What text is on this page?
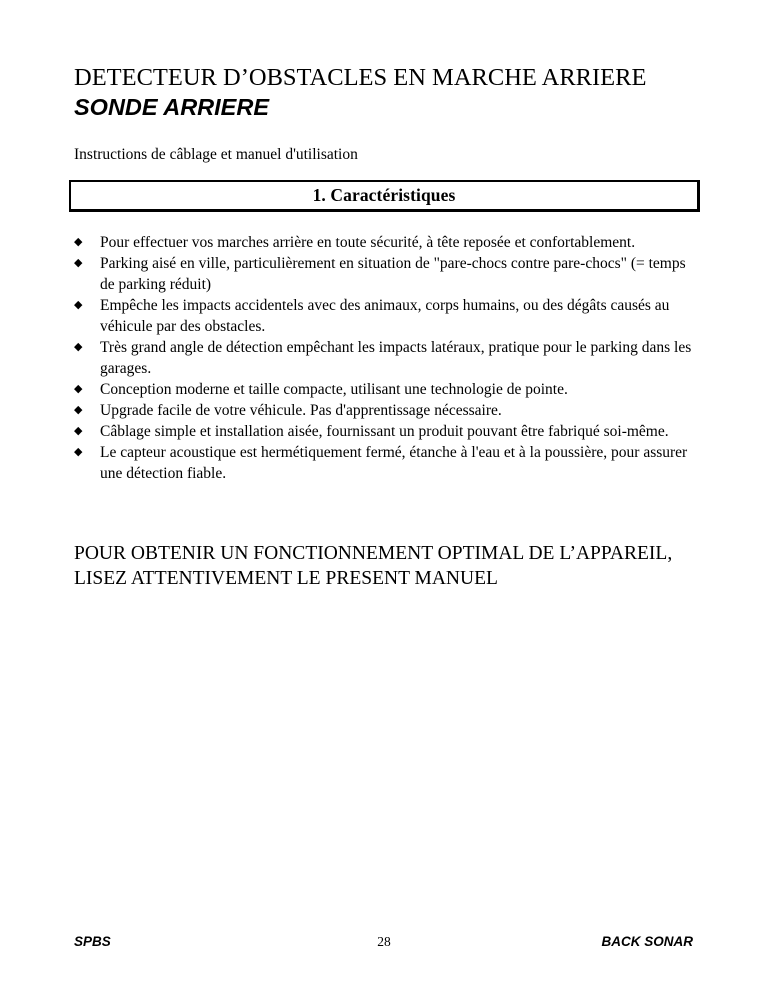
DETECTEUR D’OBSTACLES EN MARCHE ARRIERE
SONDE ARRIERE

Instructions de câblage et manuel d'utilisation

1. Caractéristiques
◆ Pour effectuer vos marches arrière en toute sécurité, à tête reposée et confortablement.
◆ Parking aisé en ville, particulièrement en situation de "pare-chocs contre pare-chocs" (= temps de parking réduit)
◆ Empêche les impacts accidentels avec des animaux, corps humains, ou des dégâts causés au véhicule par des obstacles.
◆ Très grand angle de détection empêchant les impacts latéraux, pratique pour le parking dans les garages.
◆ Conception moderne et taille compacte, utilisant une technologie de pointe.
◆ Upgrade facile de votre véhicule. Pas d'apprentissage nécessaire.
◆ Câblage simple et installation aisée, fournissant un produit pouvant être fabriqué soi-même.
◆ Le capteur acoustique est hermétiquement fermé, étanche à l'eau et à la poussière, pour assurer une détection fiable.

POUR OBTENIR UN FONCTIONNEMENT OPTIMAL DE L’APPAREIL, LISEZ ATTENTIVEMENT LE PRESENT MANUEL

SPBS	28	BACK SONAR
